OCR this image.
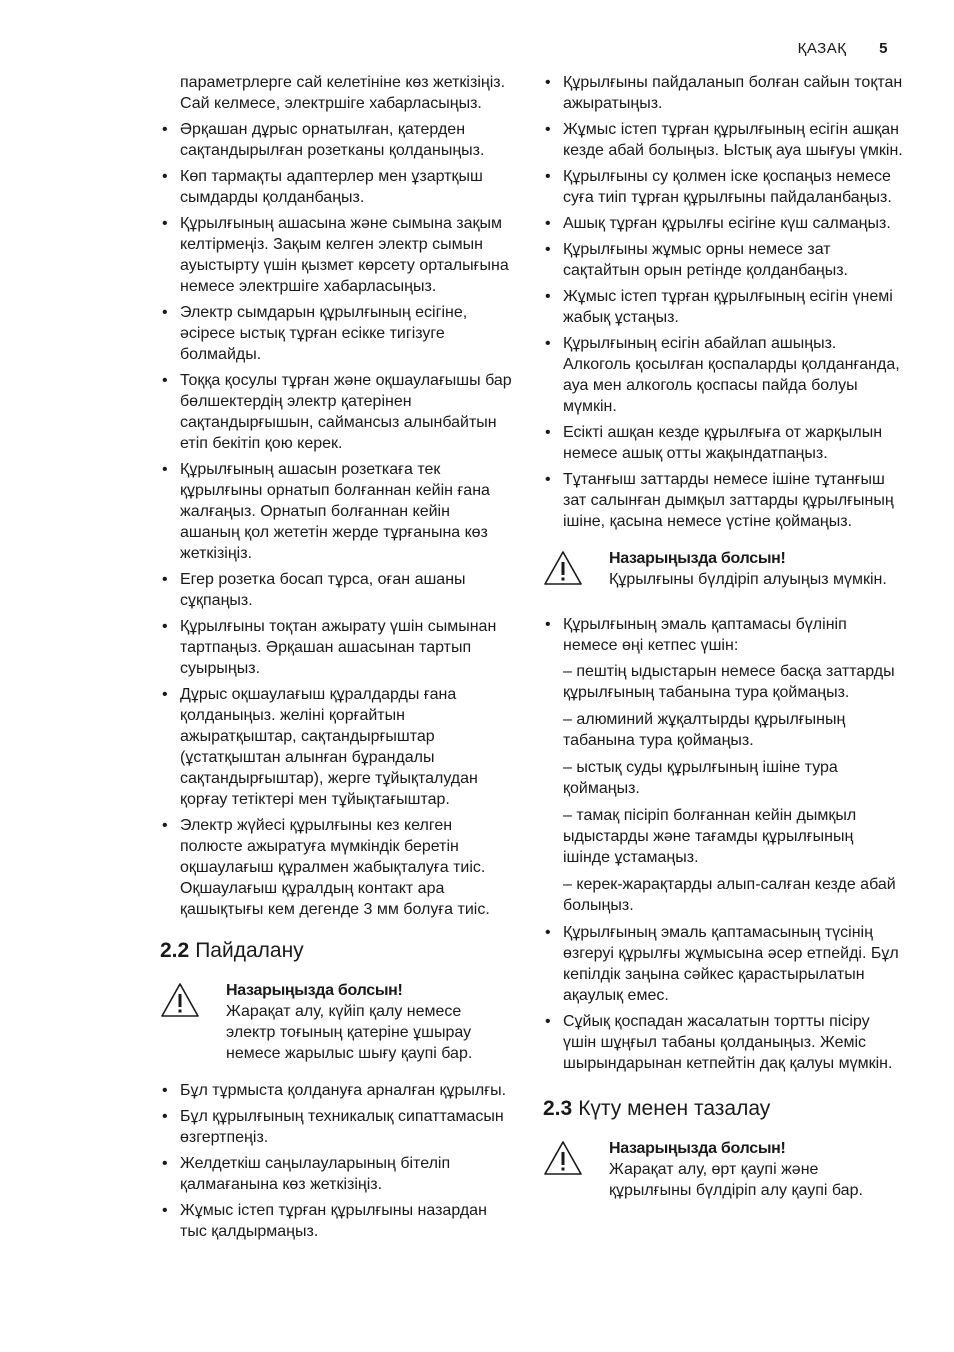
ҚАЗАҚ 5
параметрлерге сай келетініне көз жеткізіңіз. Сай келмесе, электршіге хабарласыңыз.
• Әрқашан дұрыс орнатылған, қатерден сақтандырылған розетканы қолданыңыз.
• Көп тармақты адаптерлер мен ұзартқыш сымдарды қолданбаңыз.
• Құрылғының ашасына және сымына зақым келтірмеңіз. Зақым келген электр сымын ауыстырту үшін қызмет көрсету орталығына немесе электршіге хабарласыңыз.
• Электр сымдарын құрылғының есігіне, әсіресе ыстық тұрған есікке тигізуге болмайды.
• Тоққа қосулы тұрған және оқшаулағышы бар бөлшектердің электр қатерінен сақтандырғышын, саймансыз алынбайтын етіп бекітіп қою керек.
• Құрылғының ашасын розеткаға тек құрылғыны орнатып болғаннан кейін ғана жалғаңыз. Орнатып болғаннан кейін ашаның қол жететін жерде тұрғанына көз жеткізіңіз.
• Егер розетка босап тұрса, оған ашаны сұқпаңыз.
• Құрылғыны тоқтан ажырату үшін сымынан тартпаңыз. Әрқашан ашасынан тартып суырыңыз.
• Дұрыс оқшаулағыш құралдарды ғана қолданыңыз. желіні қорғайтын ажыратқыштар, сақтандырғыштар (ұстатқыштан алынған бұрандалы сақтандырғыштар), жерге тұйықталудан қорғау тетіктері мен тұйықтағыштар.
• Электр жүйесі құрылғыны кез келген полюсте ажыратуға мүмкіндік беретін оқшаулағыш құралмен жабықталуға тиіс. Оқшаулағыш құралдың контакт ара қашықтығы кем дегенде 3 мм болуға тиіс.
2.2 Пайдалану
Назарыңызда болсын!
Жарақат алу, күйіп қалу немесе электр тоғының қатеріне ұшырау немесе жарылыс шығу қаупі бар.
• Бұл тұрмыста қолдануға арналған құрылғы.
• Бұл құрылғының техникалық сипаттамасын өзгертпеңіз.
• Желдеткіш саңылауларының бітеліп қалмағанына көз жеткізіңіз.
• Жұмыс істеп тұрған құрылғыны назардан тыс қалдырмаңыз.
• Құрылғыны пайдаланып болған сайын тоқтан ажыратыңыз.
• Жұмыс істеп тұрған құрылғының есігін ашқан кезде абай болыңыз. Ыстық ауа шығуы үмкін.
• Құрылғыны су қолмен іске қоспаңыз немесе суға тиіп тұрған құрылғыны пайдаланбаңыз.
• Ашық тұрған құрылғы есігіне күш салмаңыз.
• Құрылғыны жұмыс орны немесе зат сақтайтын орын ретінде қолданбаңыз.
• Жұмыс істеп тұрған құрылғының есігін үнемі жабық ұстаңыз.
• Құрылғының есігін абайлап ашыңыз. Алкоголь қосылған қоспаларды қолданғанда, ауа мен алкоголь қоспасы пайда болуы мүмкін.
• Есікті ашқан кезде құрылғыға от жарқылын немесе ашық отты жақындатпаңыз.
• Тұтанғыш заттарды немесе ішіне тұтанғыш зат салынған дымқыл заттарды құрылғының ішіне, қасына немесе үстіне қоймаңыз.
Назарыңызда болсын!
Құрылғыны бүлдіріп алуыңыз мүмкін.
• Құрылғының эмаль қаптамасы бүлініп немесе өңі кетпес үшін:

– пештің ыдыстарын немесе басқа заттарды құрылғының табанына тура қоймаңыз.

– алюминий жұқалтырды құрылғының табанына тура қоймаңыз.

– ыстық суды құрылғының ішіне тура қоймаңыз.

– тамақ пісіріп болғаннан кейін дымқыл ыдыстарды және тағамды құрылғының ішінде ұстамаңыз.

– керек-жарақтарды алып-салған кезде абай болыңыз.

• Құрылғының эмаль қаптамасының түсінің өзгеруі құрылғы жұмысына әсер етпейді. Бұл кепілдік заңына сәйкес қарастырылатын ақаулық емес.
• Сұйық қоспадан жасалатын тортты пісіру үшін шұңғыл табаны қолданыңыз. Жеміс шырындарынан кетпейтін дақ қалуы мүмкін.
2.3 Күту менен тазалау
Назарыңызда болсын!
Жарақат алу, өрт қаупі және құрылғыны бүлдіріп алу қаупі бар.
